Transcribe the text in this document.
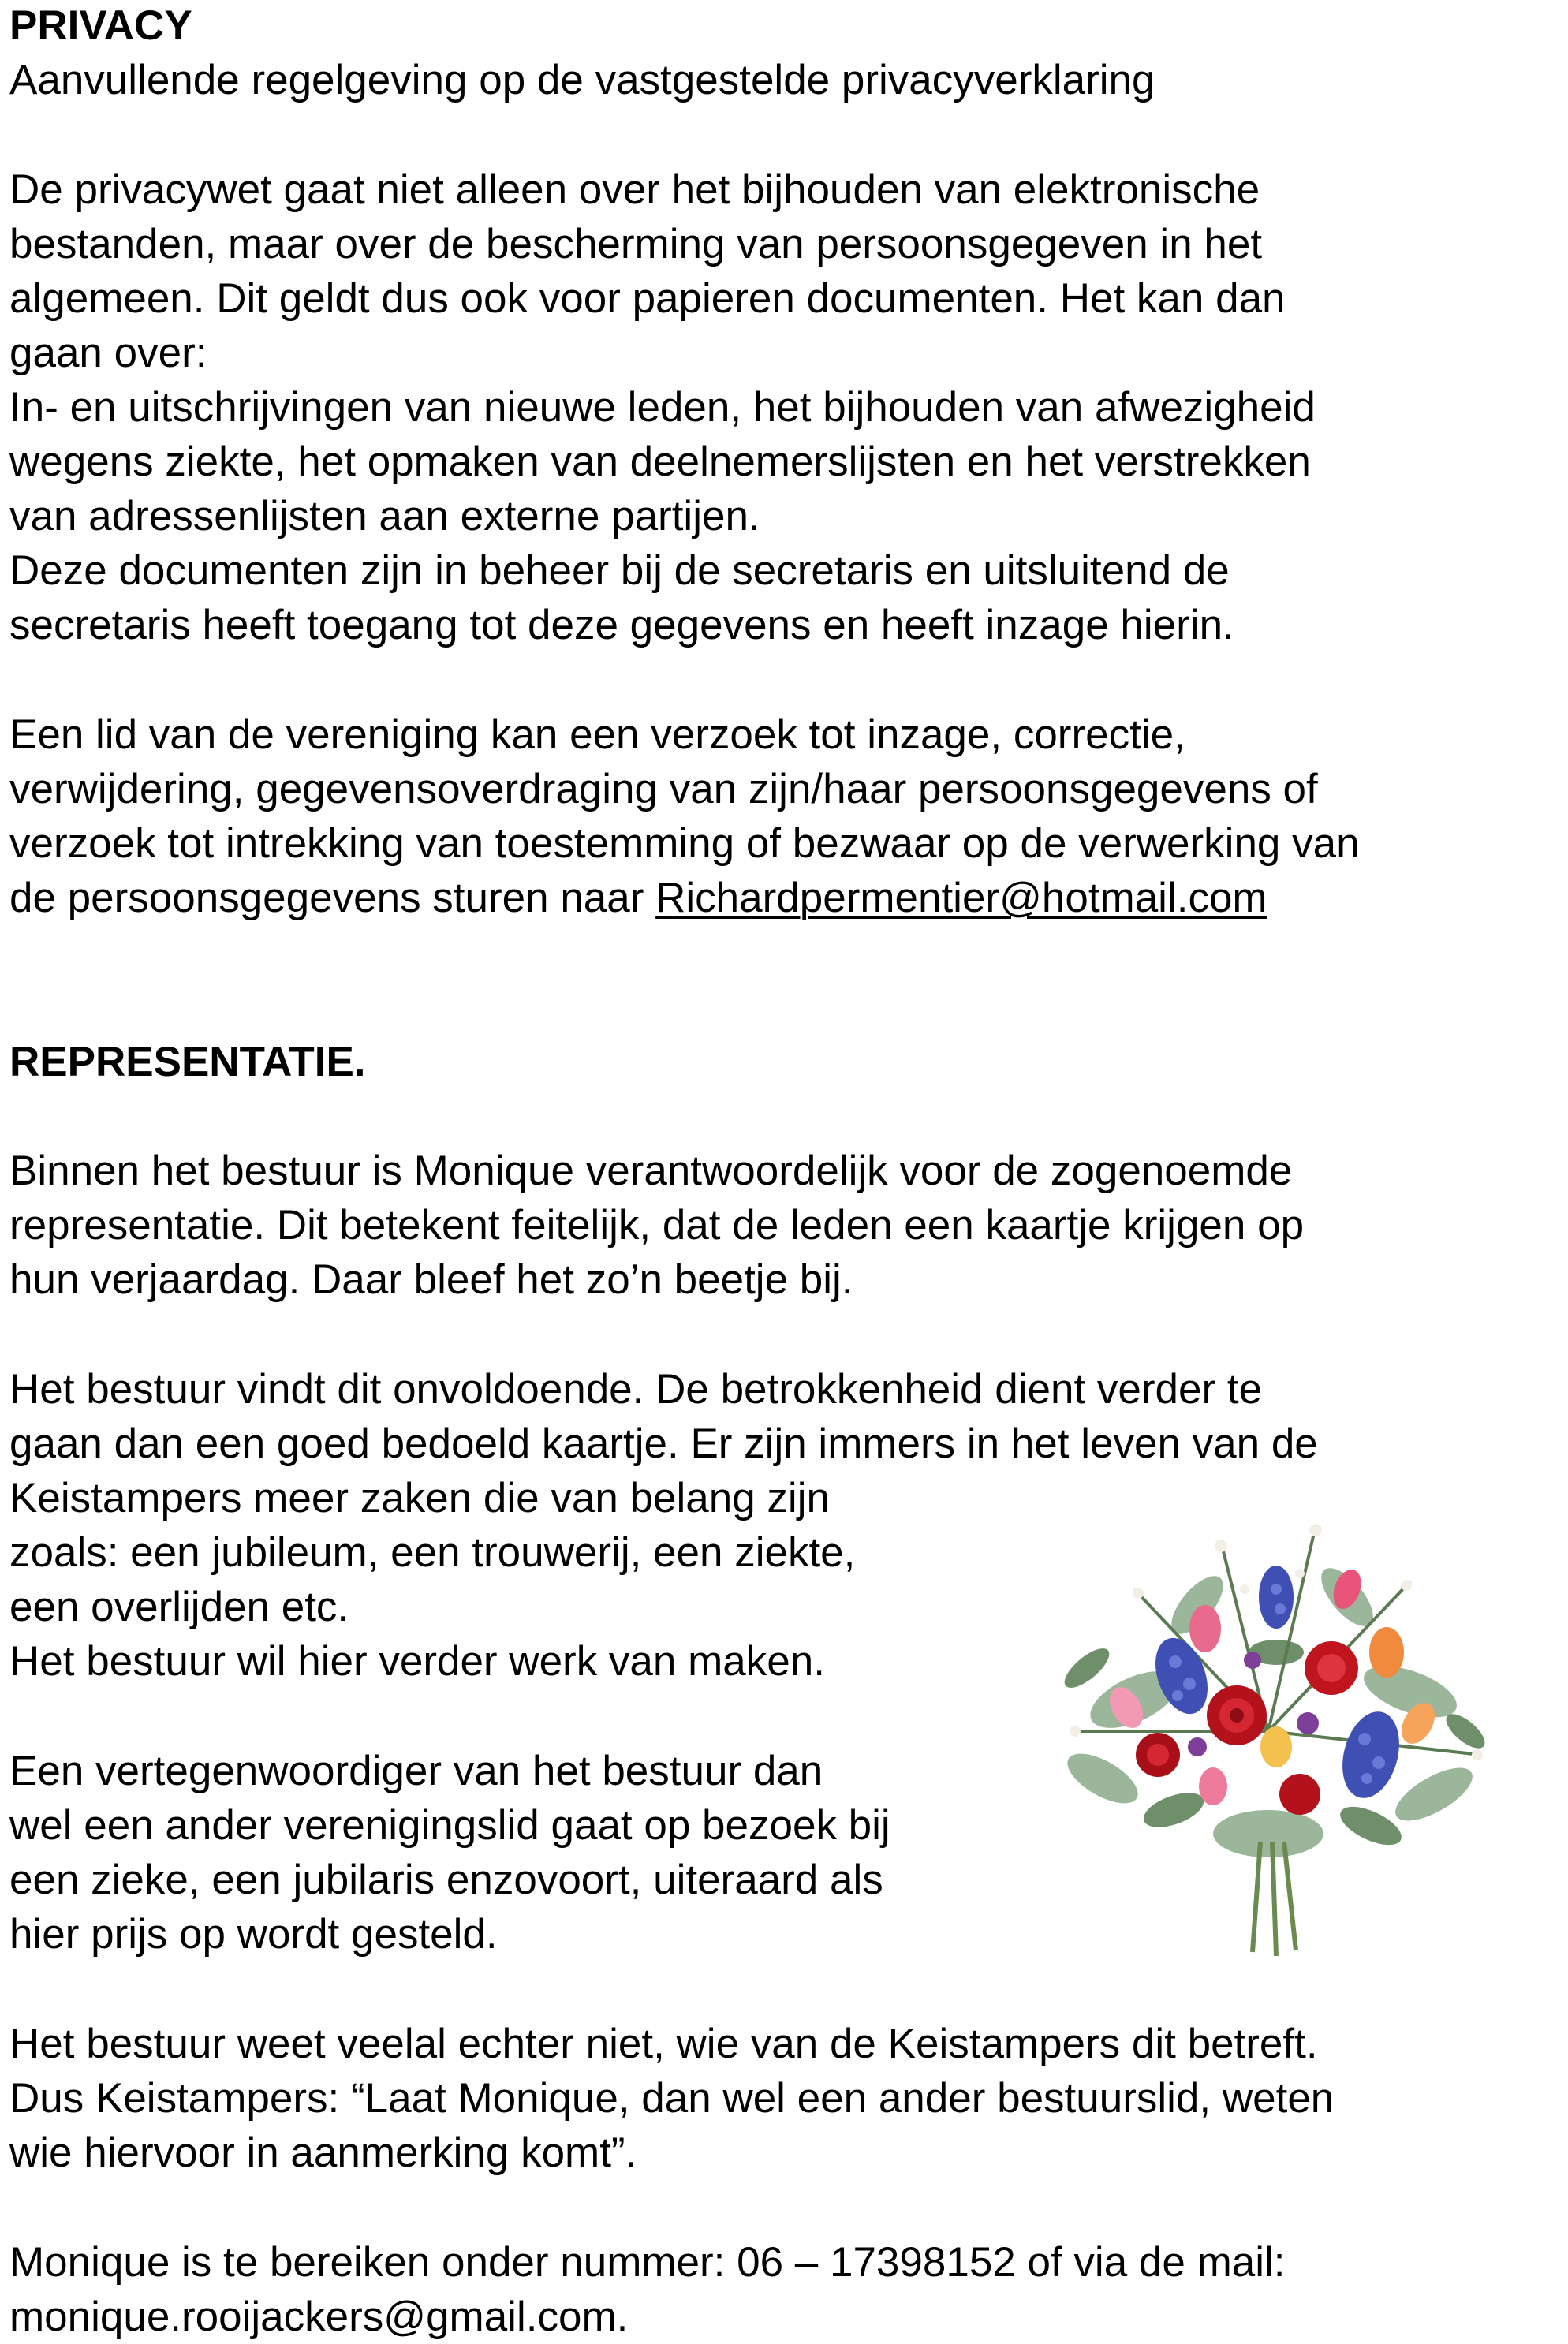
PRIVACY

Aanvullende regelgeving op de vastgestelde privacyverklaring

De privacywet gaat niet alleen over het bijhouden van elektronische

bestanden, maar over de bescherming van persoonsgegeven in het

algemeen. Dit geldt dus ook voor papieren documenten. Het kan dan

gaan over:

In- en uitschrijvingen van nieuwe leden, het bijhouden van afwezigheid

wegens ziekte, het opmaken van deelnemerslijsten en het verstrekken

van adressenlijsten aan externe partijen.

Deze documenten zijn in beheer bij de secretaris en uitsluitend de

secretaris heeft toegang tot deze gegevens en heeft inzage hierin.

Een lid van de vereniging kan een verzoek tot inzage, correctie,

verwijdering, gegevensoverdraging van zijn/haar persoonsgegevens of

verzoek tot intrekking van toestemming of bezwaar op de verwerking van

de persoonsgegevens sturen naar Richardpermentier@hotmail.com

REPRESENTATIE.

Binnen het bestuur is Monique verantwoordelijk voor de zogenoemde

representatie. Dit betekent feitelijk, dat de leden een kaartje krijgen op

hun verjaardag. Daar bleef het zo’n beetje bij.

Het bestuur vindt dit onvoldoende. De betrokkenheid dient verder te

gaan dan een goed bedoeld kaartje. Er zijn immers in het leven van de

Keistampers meer zaken die van belang zijn

zoals: een jubileum, een trouwerij, een ziekte,

een overlijden etc.

Het bestuur wil hier verder werk van maken.

Een vertegenwoordiger van het bestuur dan

wel een ander verenigingslid gaat op bezoek bij

een zieke, een jubilaris enzovoort, uiteraard als

hier prijs op wordt gesteld.

Het bestuur weet veelal echter niet, wie van de Keistampers dit betreft.

Dus Keistampers: “Laat Monique, dan wel een ander bestuurslid, weten

wie hiervoor in aanmerking komt”.

Monique is te bereiken onder nummer: 06 – 17398152 of via de mail:

monique.rooijackers@gmail.com.
